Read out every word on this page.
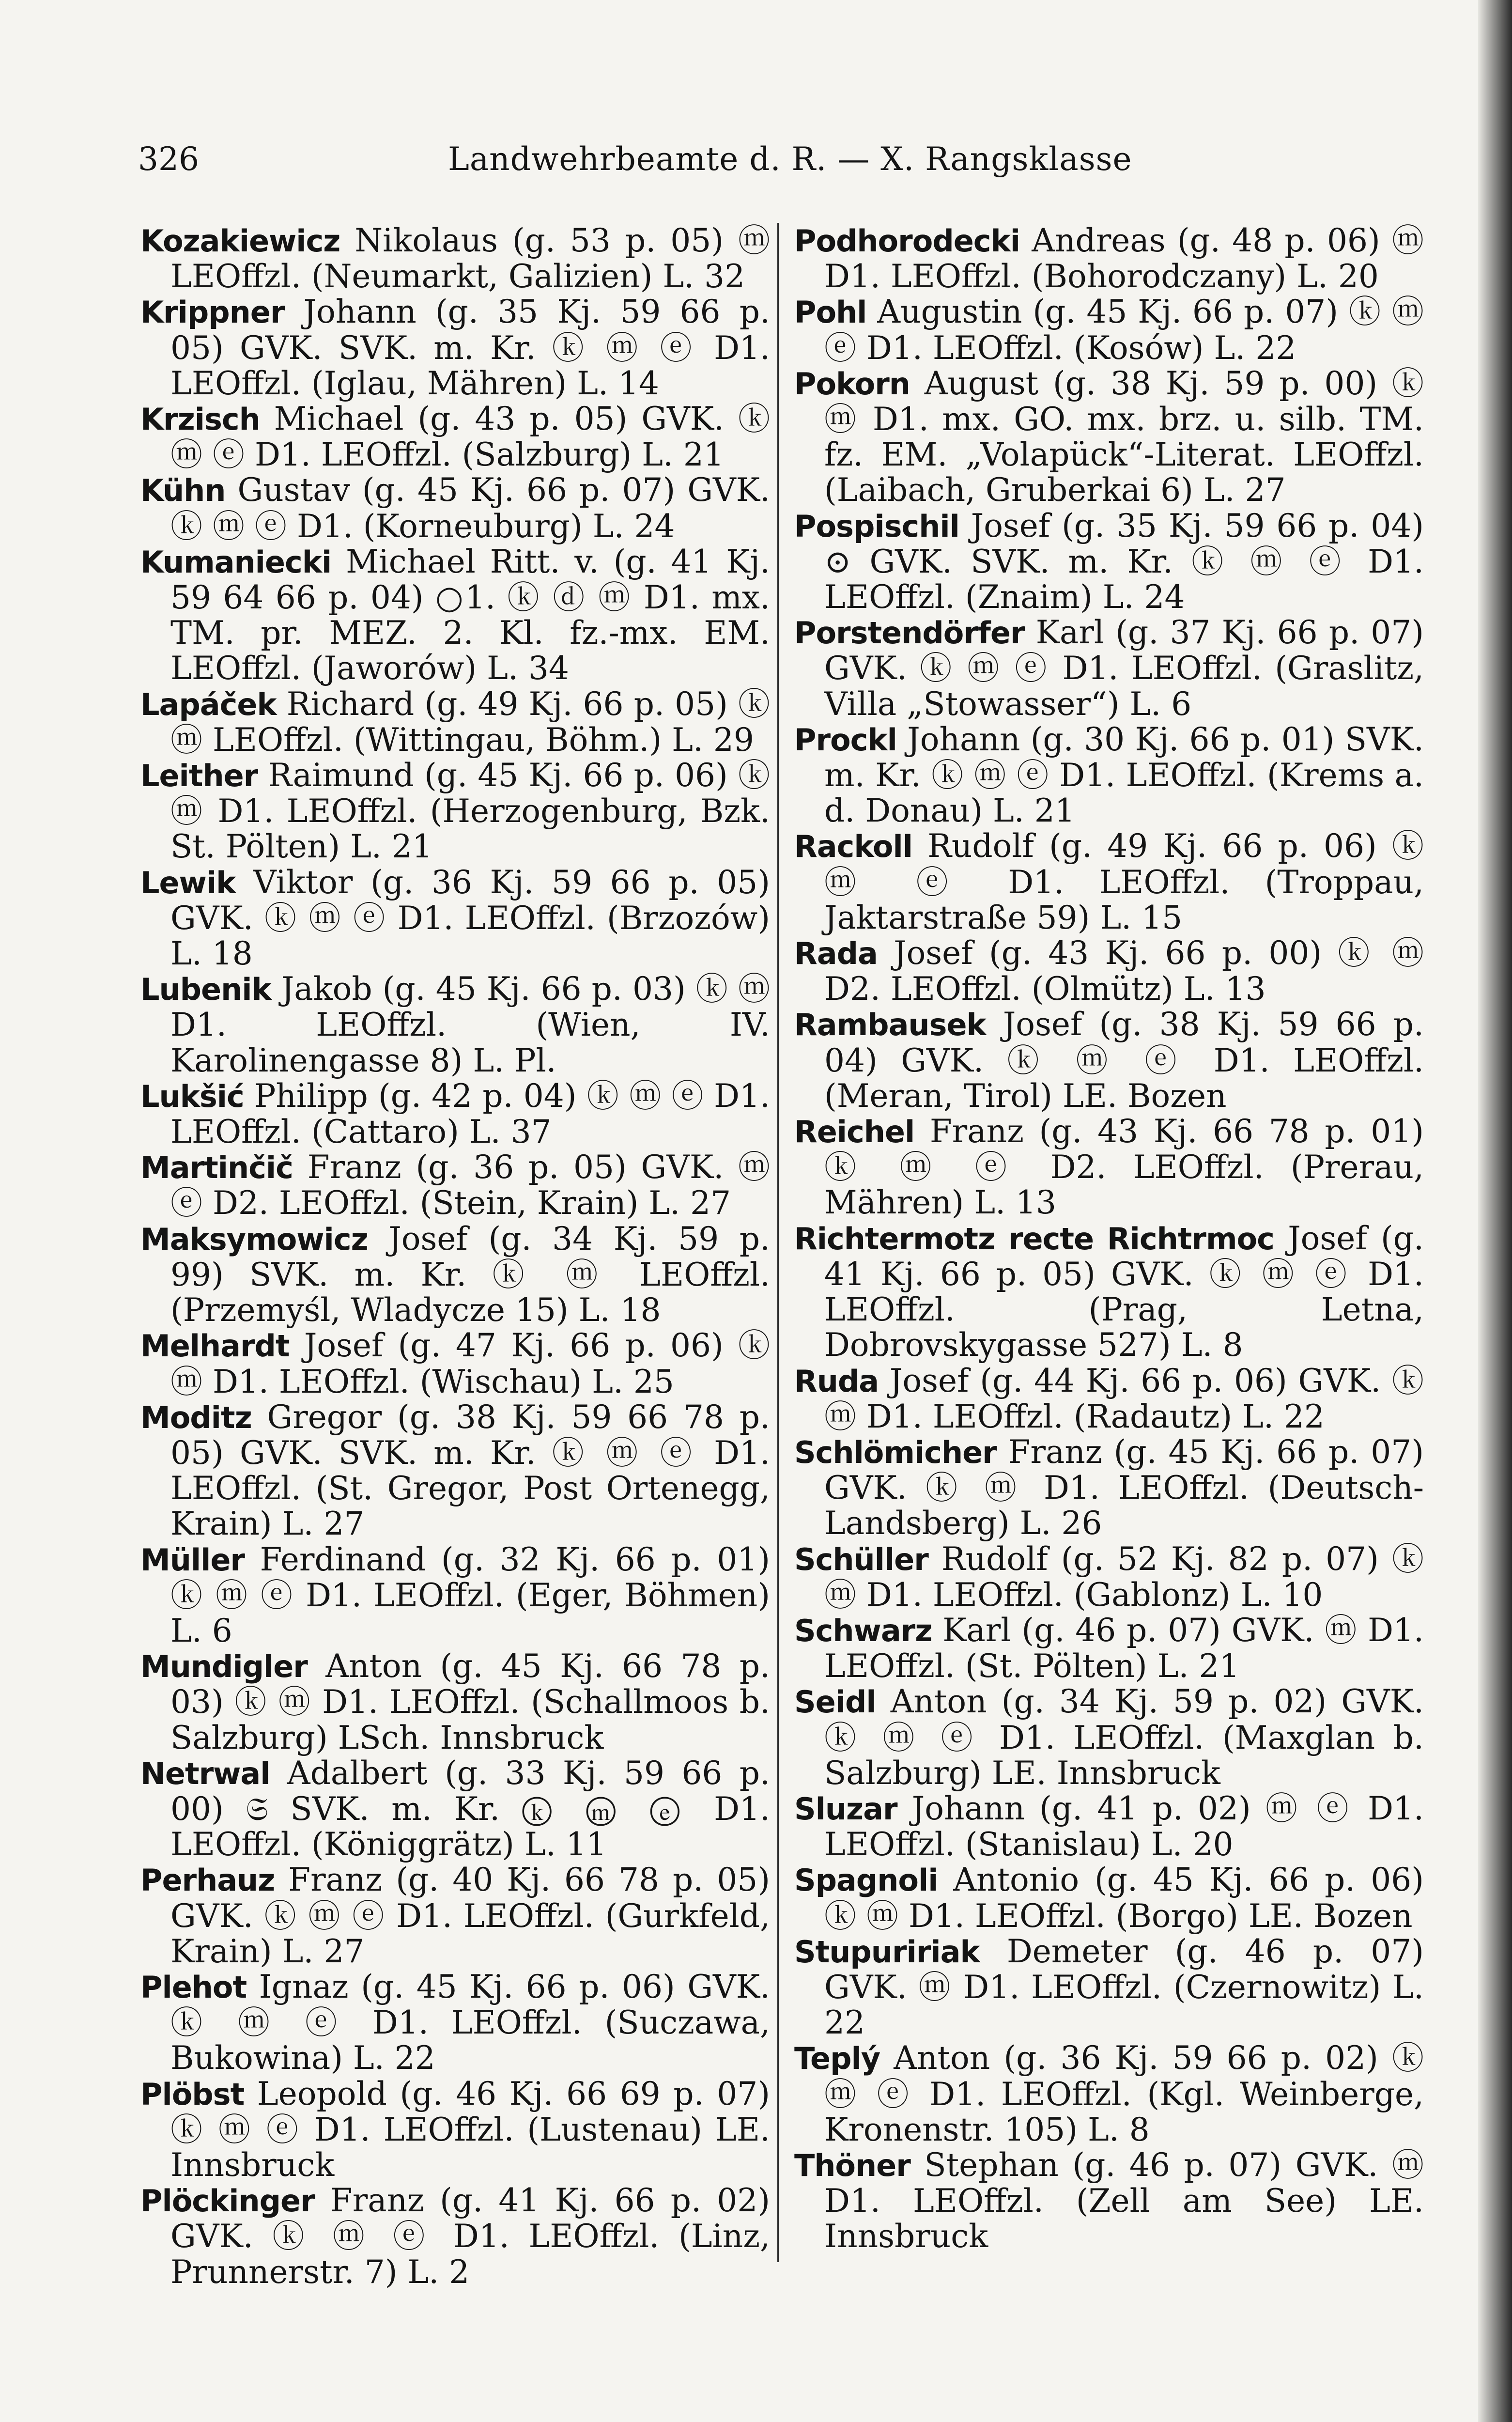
326	Landwehrbeamte d. R. — X. Rangsklasse

Kozakiewicz Nikolaus (g. 53 p. 05) ⓜ LEOffzl. (Neumarkt, Galizien) L. 32

Krippner Johann (g. 35 Kj. 59 66 p. 05) GVK. SVK. m. Kr. ⓚ ⓜ ⓔ D1. LEOffzl. (Iglau, Mähren) L. 14

Krzisch Michael (g. 43 p. 05) GVK. ⓚ ⓜ ⓔ D1. LEOffzl. (Salzburg) L. 21

Kühn Gustav (g. 45 Kj. 66 p. 07) GVK. ⓚ ⓜ ⓔ D1. (Korneuburg) L. 24

Kumaniecki Michael Ritt. v. (g. 41 Kj. 59 64 66 p. 04) ○1. ⓚ ⓓ ⓜ D1. mx. TM. pr. MEZ. 2. Kl. fz.-mx. EM. LEOffzl. (Jaworów) L. 34

Lapáček Richard (g. 49 Kj. 66 p. 05) ⓚ ⓜ LEOffzl. (Wittingau, Böhm.) L. 29

Leither Raimund (g. 45 Kj. 66 p. 06) ⓚ ⓜ D1. LEOffzl. (Herzogenburg, Bzk. St. Pölten) L. 21

Lewik Viktor (g. 36 Kj. 59 66 p. 05) GVK. ⓚ ⓜ ⓔ D1. LEOffzl. (Brzozów) L. 18

Lubenik Jakob (g. 45 Kj. 66 p. 03) ⓚ ⓜ D1. LEOffzl. (Wien, IV. Karolinengasse 8) L. Pl.

Lukšić Philipp (g. 42 p. 04) ⓚ ⓜ ⓔ D1. LEOffzl. (Cattaro) L. 37

Martinčič Franz (g. 36 p. 05) GVK. ⓜ ⓔ D2. LEOffzl. (Stein, Krain) L. 27

Maksymowicz Josef (g. 34 Kj. 59 p. 99) SVK. m. Kr. ⓚ ⓜ LEOffzl. (Przemyśl, Wladycze 15) L. 18

Melhardt Josef (g. 47 Kj. 66 p. 06) ⓚ ⓜ D1. LEOffzl. (Wischau) L. 25

Moditz Gregor (g. 38 Kj. 59 66 78 p. 05) GVK. SVK. m. Kr. ⓚ ⓜ ⓔ D1. LEOffzl. (St. Gregor, Post Ortenegg, Krain) L. 27

Müller Ferdinand (g. 32 Kj. 66 p. 01) ⓚ ⓜ ⓔ D1. LEOffzl. (Eger, Böhmen) L. 6

Mundigler Anton (g. 45 Kj. 66 78 p. 03) ⓚ ⓜ D1. LEOffzl. (Schallmoos b. Salzburg) LSch. Innsbruck

Netrwal Adalbert (g. 33 Kj. 59 66 p. 00) 𝔖 SVK. m. Kr. ⓚ ⓜ ⓔ D1. LEOffzl. (Königgrätz) L. 11

Perhauz Franz (g. 40 Kj. 66 78 p. 05) GVK. ⓚ ⓜ ⓔ D1. LEOffzl. (Gurkfeld, Krain) L. 27

Plehot Ignaz (g. 45 Kj. 66 p. 06) GVK. ⓚ ⓜ ⓔ D1. LEOffzl. (Suczawa, Bukowina) L. 22

Plöbst Leopold (g. 46 Kj. 66 69 p. 07) ⓚ ⓜ ⓔ D1. LEOffzl. (Lustenau) LE. Innsbruck

Plöckinger Franz (g. 41 Kj. 66 p. 02) GVK. ⓚ ⓜ ⓔ D1. LEOffzl. (Linz, Prunnerstr. 7) L. 2

Podhorodecki Andreas (g. 48 p. 06) ⓜ D1. LEOffzl. (Bohorodczany) L. 20

Pohl Augustin (g. 45 Kj. 66 p. 07) ⓚ ⓜ ⓔ D1. LEOffzl. (Kosów) L. 22

Pokorn August (g. 38 Kj. 59 p. 00) ⓚ ⓜ D1. mx. GO. mx. brz. u. silb. TM. fz. EM. „Volapück“-Literat. LEOffzl. (Laibach, Gruberkai 6) L. 27

Pospischil Josef (g. 35 Kj. 59 66 p. 04) ⊙ GVK. SVK. m. Kr. ⓚ ⓜ ⓔ D1. LEOffzl. (Znaim) L. 24

Porstendörfer Karl (g. 37 Kj. 66 p. 07) GVK. ⓚ ⓜ ⓔ D1. LEOffzl. (Graslitz, Villa „Stowasser“) L. 6

Prockl Johann (g. 30 Kj. 66 p. 01) SVK. m. Kr. ⓚ ⓜ ⓔ D1. LEOffzl. (Krems a. d. Donau) L. 21

Rackoll Rudolf (g. 49 Kj. 66 p. 06) ⓚ ⓜ ⓔ D1. LEOffzl. (Troppau, Jaktarstraße 59) L. 15

Rada Josef (g. 43 Kj. 66 p. 00) ⓚ ⓜ D2. LEOffzl. (Olmütz) L. 13

Rambausek Josef (g. 38 Kj. 59 66 p. 04) GVK. ⓚ ⓜ ⓔ D1. LEOffzl. (Meran, Tirol) LE. Bozen

Reichel Franz (g. 43 Kj. 66 78 p. 01) ⓚ ⓜ ⓔ D2. LEOffzl. (Prerau, Mähren) L. 13

Richtermotz recte Richtrmoc Josef (g. 41 Kj. 66 p. 05) GVK. ⓚ ⓜ ⓔ D1. LEOffzl. (Prag, Letna, Dobrovskygasse 527) L. 8

Ruda Josef (g. 44 Kj. 66 p. 06) GVK. ⓚ ⓜ D1. LEOffzl. (Radautz) L. 22

Schlömicher Franz (g. 45 Kj. 66 p. 07) GVK. ⓚ ⓜ D1. LEOffzl. (Deutsch-Landsberg) L. 26

Schüller Rudolf (g. 52 Kj. 82 p. 07) ⓚ ⓜ D1. LEOffzl. (Gablonz) L. 10

Schwarz Karl (g. 46 p. 07) GVK. ⓜ D1. LEOffzl. (St. Pölten) L. 21

Seidl Anton (g. 34 Kj. 59 p. 02) GVK. ⓚ ⓜ ⓔ D1. LEOffzl. (Maxglan b. Salzburg) LE. Innsbruck

Sluzar Johann (g. 41 p. 02) ⓜ ⓔ D1. LEOffzl. (Stanislau) L. 20

Spagnoli Antonio (g. 45 Kj. 66 p. 06) ⓚ ⓜ D1. LEOffzl. (Borgo) LE. Bozen

Stupuririak Demeter (g. 46 p. 07) GVK. ⓜ D1. LEOffzl. (Czernowitz) L. 22

Teplý Anton (g. 36 Kj. 59 66 p. 02) ⓚ ⓜ ⓔ D1. LEOffzl. (Kgl. Weinberge, Kronenstr. 105) L. 8

Thöner Stephan (g. 46 p. 07) GVK. ⓜ D1. LEOffzl. (Zell am See) LE. Innsbruck
